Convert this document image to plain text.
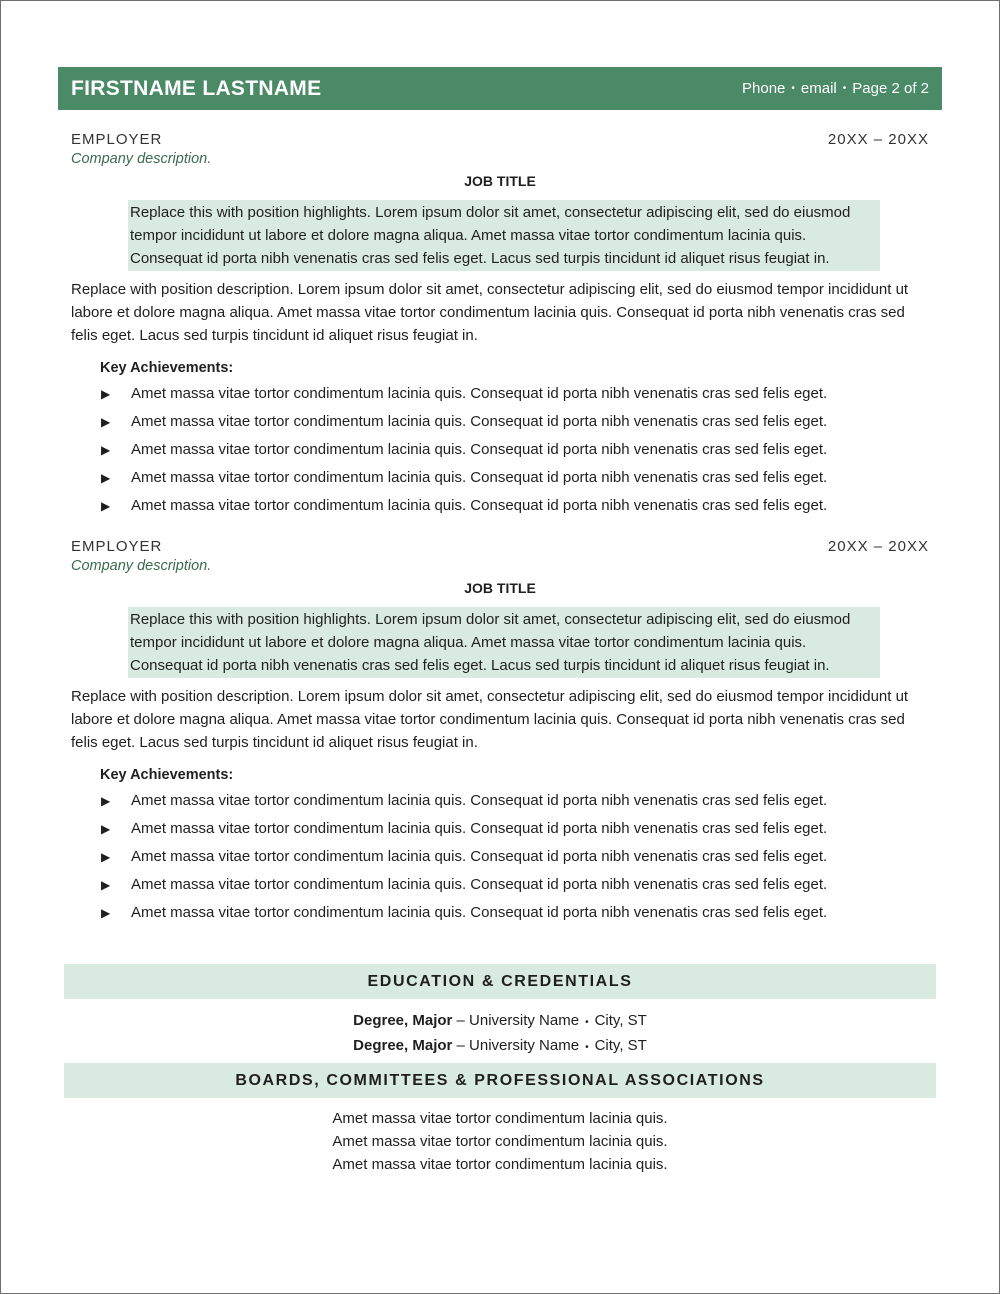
FIRSTNAME LASTNAME	Phone • email • Page 2 of 2
EMPLOYER	20XX – 20XX
Company description.
JOB TITLE
Replace this with position highlights. Lorem ipsum dolor sit amet, consectetur adipiscing elit, sed do eiusmod tempor incididunt ut labore et dolore magna aliqua. Amet massa vitae tortor condimentum lacinia quis. Consequat id porta nibh venenatis cras sed felis eget. Lacus sed turpis tincidunt id aliquet risus feugiat in.
Replace with position description. Lorem ipsum dolor sit amet, consectetur adipiscing elit, sed do eiusmod tempor incididunt ut labore et dolore magna aliqua. Amet massa vitae tortor condimentum lacinia quis. Consequat id porta nibh venenatis cras sed felis eget. Lacus sed turpis tincidunt id aliquet risus feugiat in.
Key Achievements:
▶	Amet massa vitae tortor condimentum lacinia quis. Consequat id porta nibh venenatis cras sed felis eget.
▶	Amet massa vitae tortor condimentum lacinia quis. Consequat id porta nibh venenatis cras sed felis eget.
▶	Amet massa vitae tortor condimentum lacinia quis. Consequat id porta nibh venenatis cras sed felis eget.
▶	Amet massa vitae tortor condimentum lacinia quis. Consequat id porta nibh venenatis cras sed felis eget.
▶	Amet massa vitae tortor condimentum lacinia quis. Consequat id porta nibh venenatis cras sed felis eget.
EMPLOYER	20XX – 20XX
Company description.
JOB TITLE
Replace this with position highlights. Lorem ipsum dolor sit amet, consectetur adipiscing elit, sed do eiusmod tempor incididunt ut labore et dolore magna aliqua. Amet massa vitae tortor condimentum lacinia quis. Consequat id porta nibh venenatis cras sed felis eget. Lacus sed turpis tincidunt id aliquet risus feugiat in.
Replace with position description. Lorem ipsum dolor sit amet, consectetur adipiscing elit, sed do eiusmod tempor incididunt ut labore et dolore magna aliqua. Amet massa vitae tortor condimentum lacinia quis. Consequat id porta nibh venenatis cras sed felis eget. Lacus sed turpis tincidunt id aliquet risus feugiat in.
Key Achievements:
▶	Amet massa vitae tortor condimentum lacinia quis. Consequat id porta nibh venenatis cras sed felis eget.
▶	Amet massa vitae tortor condimentum lacinia quis. Consequat id porta nibh venenatis cras sed felis eget.
▶	Amet massa vitae tortor condimentum lacinia quis. Consequat id porta nibh venenatis cras sed felis eget.
▶	Amet massa vitae tortor condimentum lacinia quis. Consequat id porta nibh venenatis cras sed felis eget.
▶	Amet massa vitae tortor condimentum lacinia quis. Consequat id porta nibh venenatis cras sed felis eget.
EDUCATION & CREDENTIALS
Degree, Major – University Name • City, ST
Degree, Major – University Name • City, ST
BOARDS, COMMITTEES & PROFESSIONAL ASSOCIATIONS
Amet massa vitae tortor condimentum lacinia quis.
Amet massa vitae tortor condimentum lacinia quis.
Amet massa vitae tortor condimentum lacinia quis.
